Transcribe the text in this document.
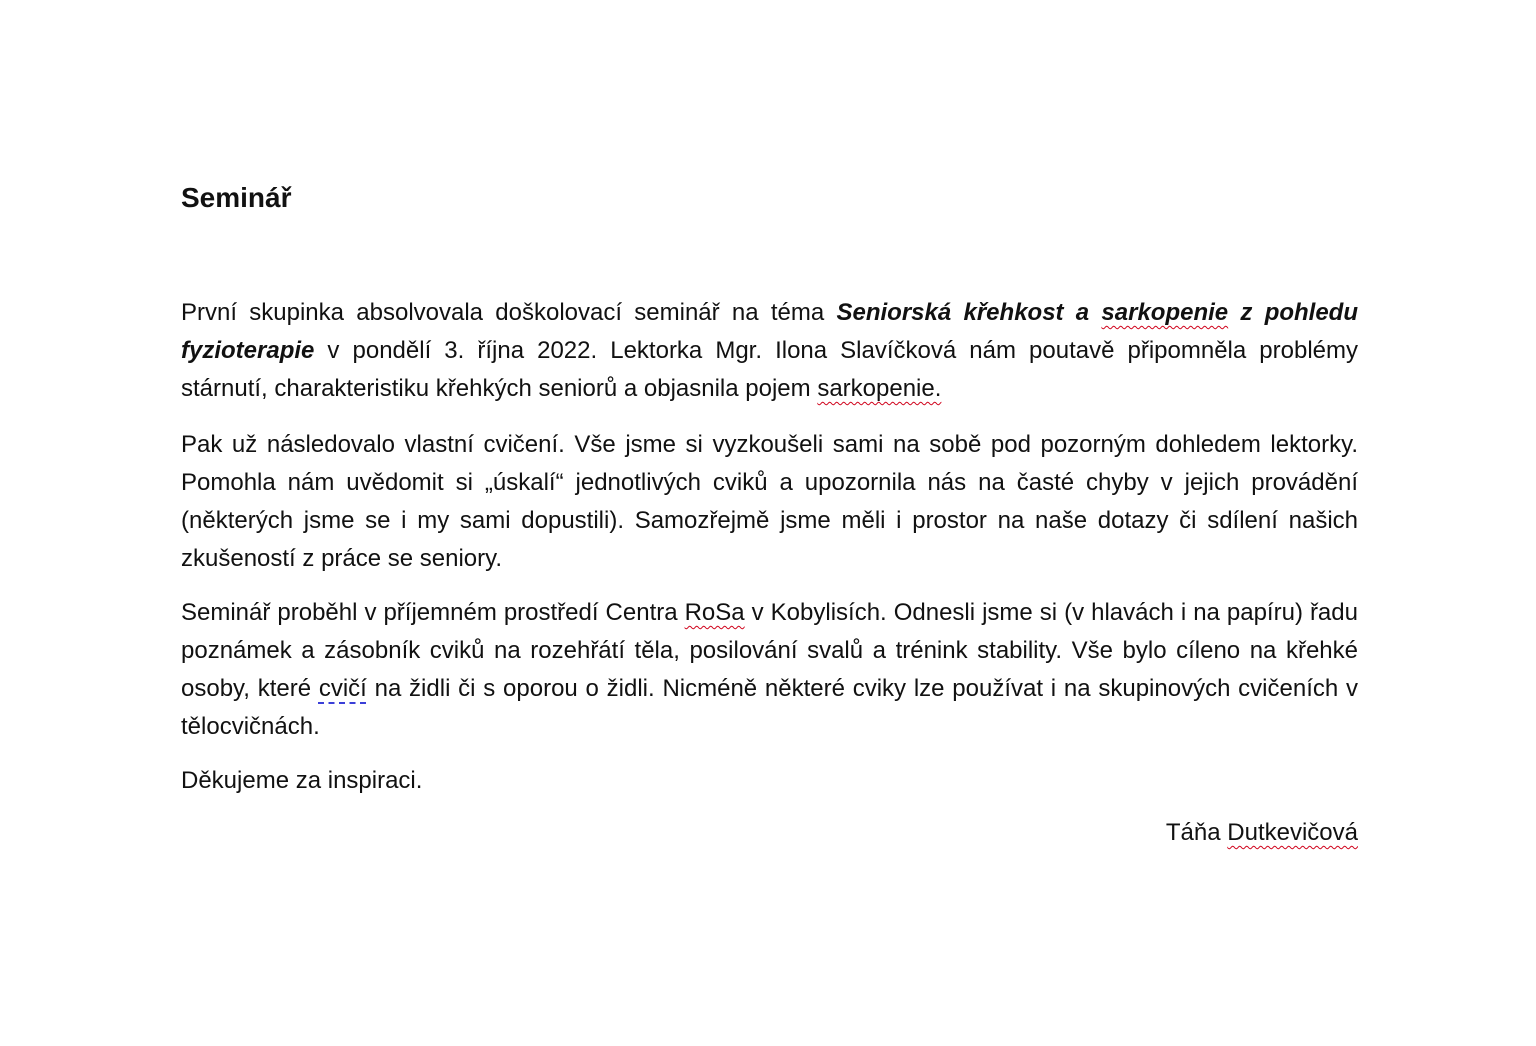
Seminář

První skupinka absolvovala doškolovací seminář na téma Seniorská křehkost a sarkopenie z pohledu fyzioterapie v pondělí 3. října 2022. Lektorka Mgr. Ilona Slavíčková nám poutavě připomněla problémy stárnutí, charakteristiku křehkých seniorů a objasnila pojem sarkopenie.

Pak už následovalo vlastní cvičení. Vše jsme si vyzkoušeli sami na sobě pod pozorným dohledem lektorky. Pomohla nám uvědomit si „úskalí“ jednotlivých cviků a upozornila nás na časté chyby v jejich provádění (některých jsme se i my sami dopustili). Samozřejmě jsme měli i prostor na naše dotazy či sdílení našich zkušeností z práce se seniory.

Seminář proběhl v příjemném prostředí Centra RoSa v Kobylisích. Odnesli jsme si (v hlavách i na papíru) řadu poznámek a zásobník cviků na rozehřátí těla, posilování svalů a trénink stability. Vše bylo cíleno na křehké osoby, které cvičí na židli či s oporou o židli. Nicméně některé cviky lze používat i na skupinových cvičeních v tělocvičnách.

Děkujeme za inspiraci.

Táňa Dutkevičová
